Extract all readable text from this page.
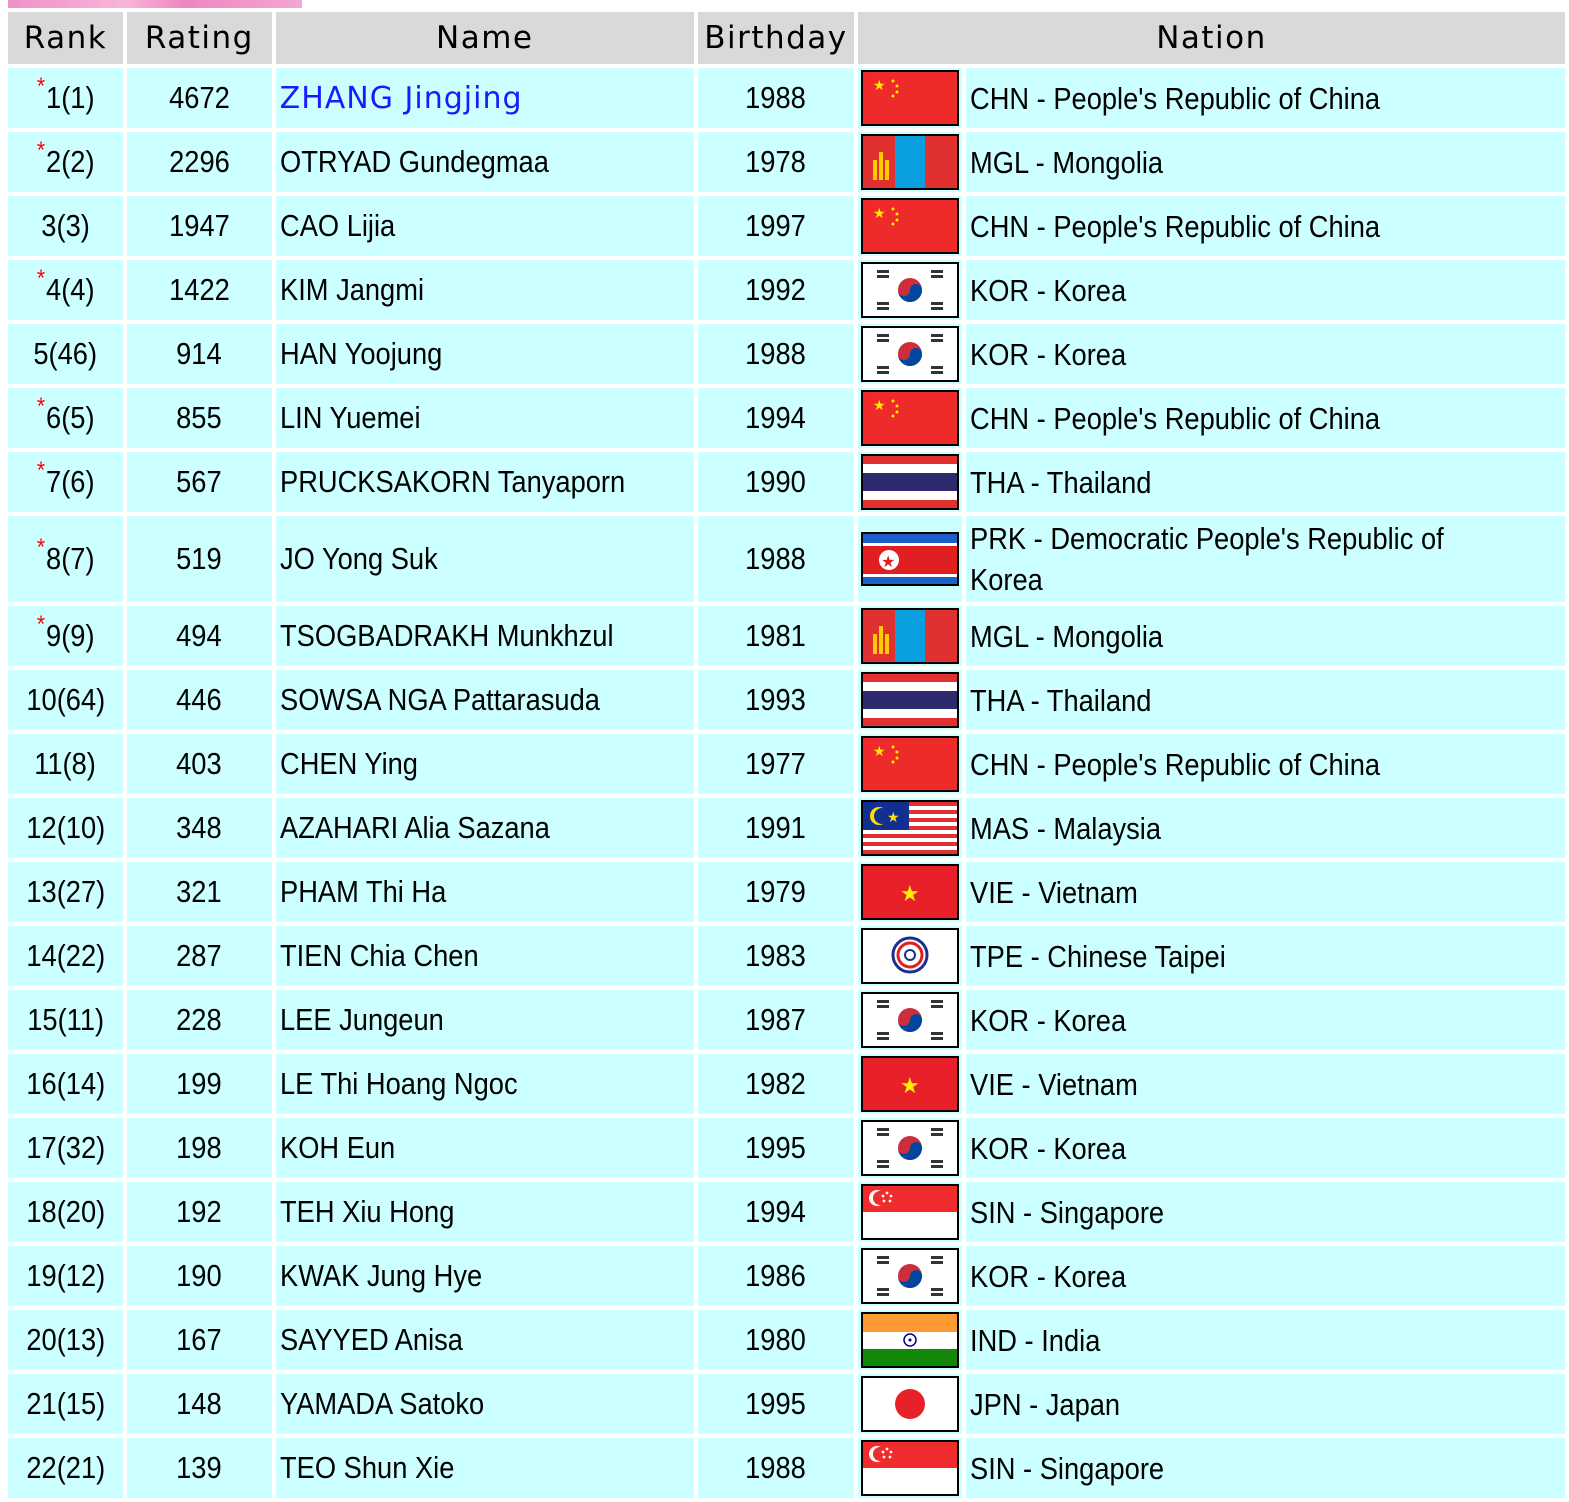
Rank	Rating	Name	Birthday	Nation	
*1(1)	4672	ZHANG Jingjing	1988	★	CHN - People's Republic of China
*2(2)	2296	OTRYAD Gundegmaa	1978		MGL - Mongolia
3(3)	1947	CAO Lijia	1997	★	CHN - People's Republic of China
*4(4)	1422	KIM Jangmi	1992		KOR - Korea
5(46)	914	HAN Yoojung	1988		KOR - Korea
*6(5)	855	LIN Yuemei	1994	★	CHN - People's Republic of China
*7(6)	567	PRUCKSAKORN Tanyaporn	1990		THA - Thailand
*8(7)	519	JO Yong Suk	1988	★	PRK - Democratic People's Republic of Korea
*9(9)	494	TSOGBADRAKH Munkhzul	1981		MGL - Mongolia
10(64)	446	SOWSA NGA Pattarasuda	1993		THA - Thailand
11(8)	403	CHEN Ying	1977	★	CHN - People's Republic of China
12(10)	348	AZAHARI Alia Sazana	1991	★	MAS - Malaysia
13(27)	321	PHAM Thi Ha	1979	★	VIE - Vietnam
14(22)	287	TIEN Chia Chen	1983		TPE - Chinese Taipei
15(11)	228	LEE Jungeun	1987		KOR - Korea
16(14)	199	LE Thi Hoang Ngoc	1982	★	VIE - Vietnam
17(32)	198	KOH Eun	1995		KOR - Korea
18(20)	192	TEH Xiu Hong	1994		SIN - Singapore
19(12)	190	KWAK Jung Hye	1986		KOR - Korea
20(13)	167	SAYYED Anisa	1980		IND - India
21(15)	148	YAMADA Satoko	1995		JPN - Japan
22(21)	139	TEO Shun Xie	1988		SIN - Singapore
